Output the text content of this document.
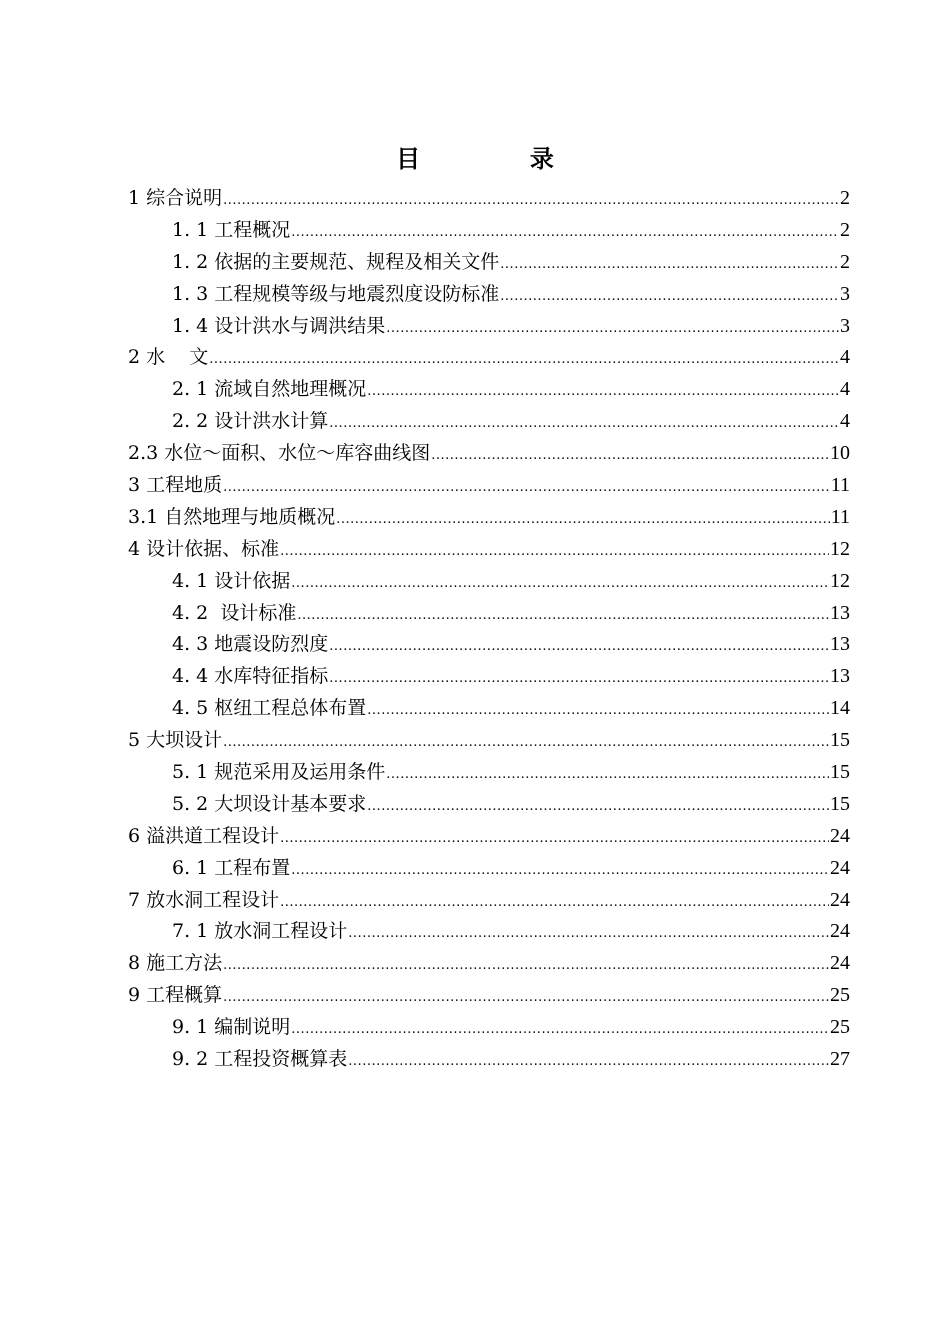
目		录
1 综合说明 .....	2
1. 1 工程概况 .....	2
1. 2 依据的主要规范、规程及相关文件 .....	2
1. 3 工程规模等级与地震烈度设防标准 .....	3
1. 4 设计洪水与调洪结果 .....	3
2 水    文 .....	4
2. 1 流域自然地理概况 .....	4
2. 2 设计洪水计算 .....	4
2.3 水位～面积、水位～库容曲线图 .....	10
3 工程地质 .....	11
3.1 自然地理与地质概况 .....	11
4 设计依据、标准 .....	12
4. 1 设计依据 .....	12
4. 2  设计标准 .....	13
4. 3 地震设防烈度 .....	13
4. 4 水库特征指标 .....	13
4. 5 枢纽工程总体布置 .....	14
5 大坝设计 .....	15
5. 1 规范采用及运用条件 .....	15
5. 2 大坝设计基本要求 .....	15
6 溢洪道工程设计 .....	24
6. 1 工程布置 .....	24
7 放水洞工程设计 .....	24
7. 1 放水洞工程设计 .....	24
8 施工方法 .....	24
9 工程概算 .....	25
9. 1 编制说明 .....	25
9. 2 工程投资概算表 .....	27
